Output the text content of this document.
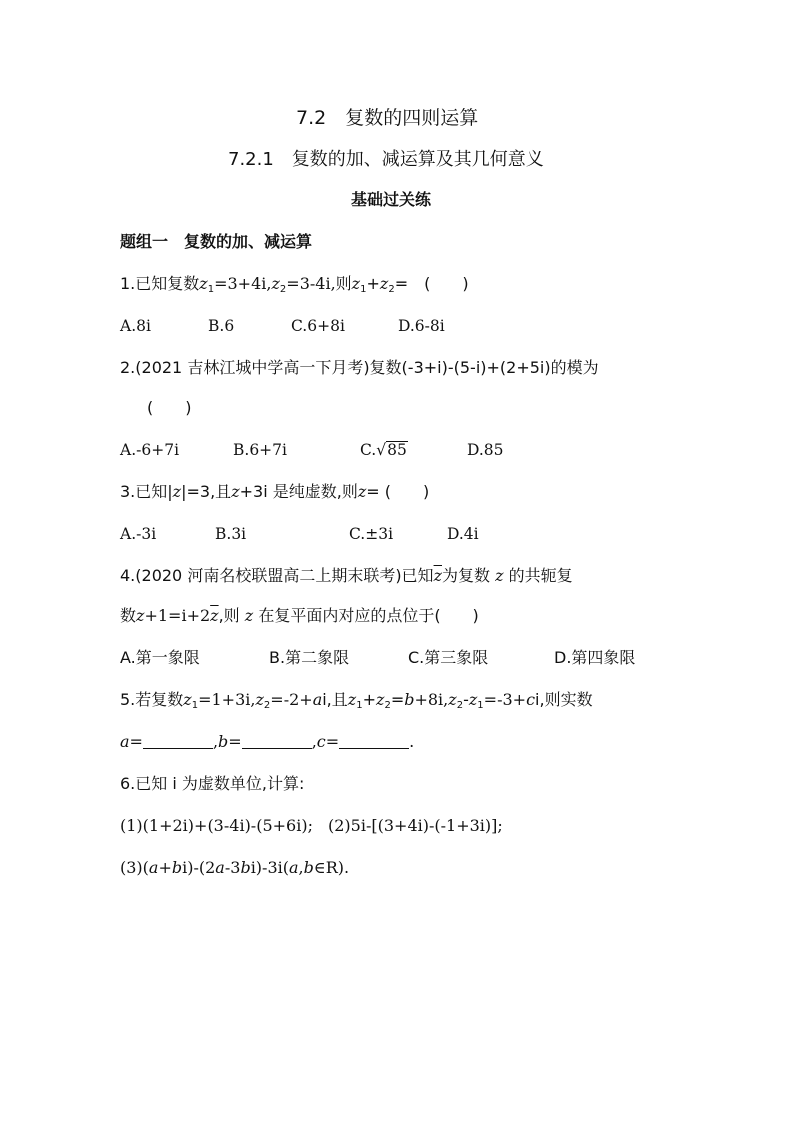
7.2　复数的四则运算
7.2.1　复数的加、减运算及其几何意义
基础过关练
题组一　复数的加、减运算
1.已知复数$z_1=3+4i,z_2=3-4i$,则$z_1+z_2=$　(　　)
A.8i	B.6	C.6+8i	D.6-8i
2.(2021 吉林江城中学高一下月考)复数(-3+i)-(5-i)+(2+5i)的模为
(　　)
A.-6+7i	B.6+7i	C.√85	D.85
3.已知|z|=3,且z+3i 是纯虚数,则z= (　　)
A.-3i	B.3i	C.±3i	D.4i
4.(2020 河南名校联盟高二上期末联考)已知$\overline{z}$为复数 z 的共轭复
数$z+1=i+2\overline{z}$,则 z 在复平面内对应的点位于(　　)
A.第一象限	B.第二象限	C.第三象限	D.第四象限
5.若复数$z_1=1+3i,z_2=-2+ai$,且$z_1+z_2=b+8i,z_2-z_1=-3+ci$,则实数
a=	,b=	,c=	.
6.已知 i 为虚数单位,计算:
(1)(1+2i)+(3-4i)-(5+6i); (2)5i-[(3+4i)-(-1+3i)];
(3)(a+bi)-(2a-3bi)-3i(a,b∈R).
